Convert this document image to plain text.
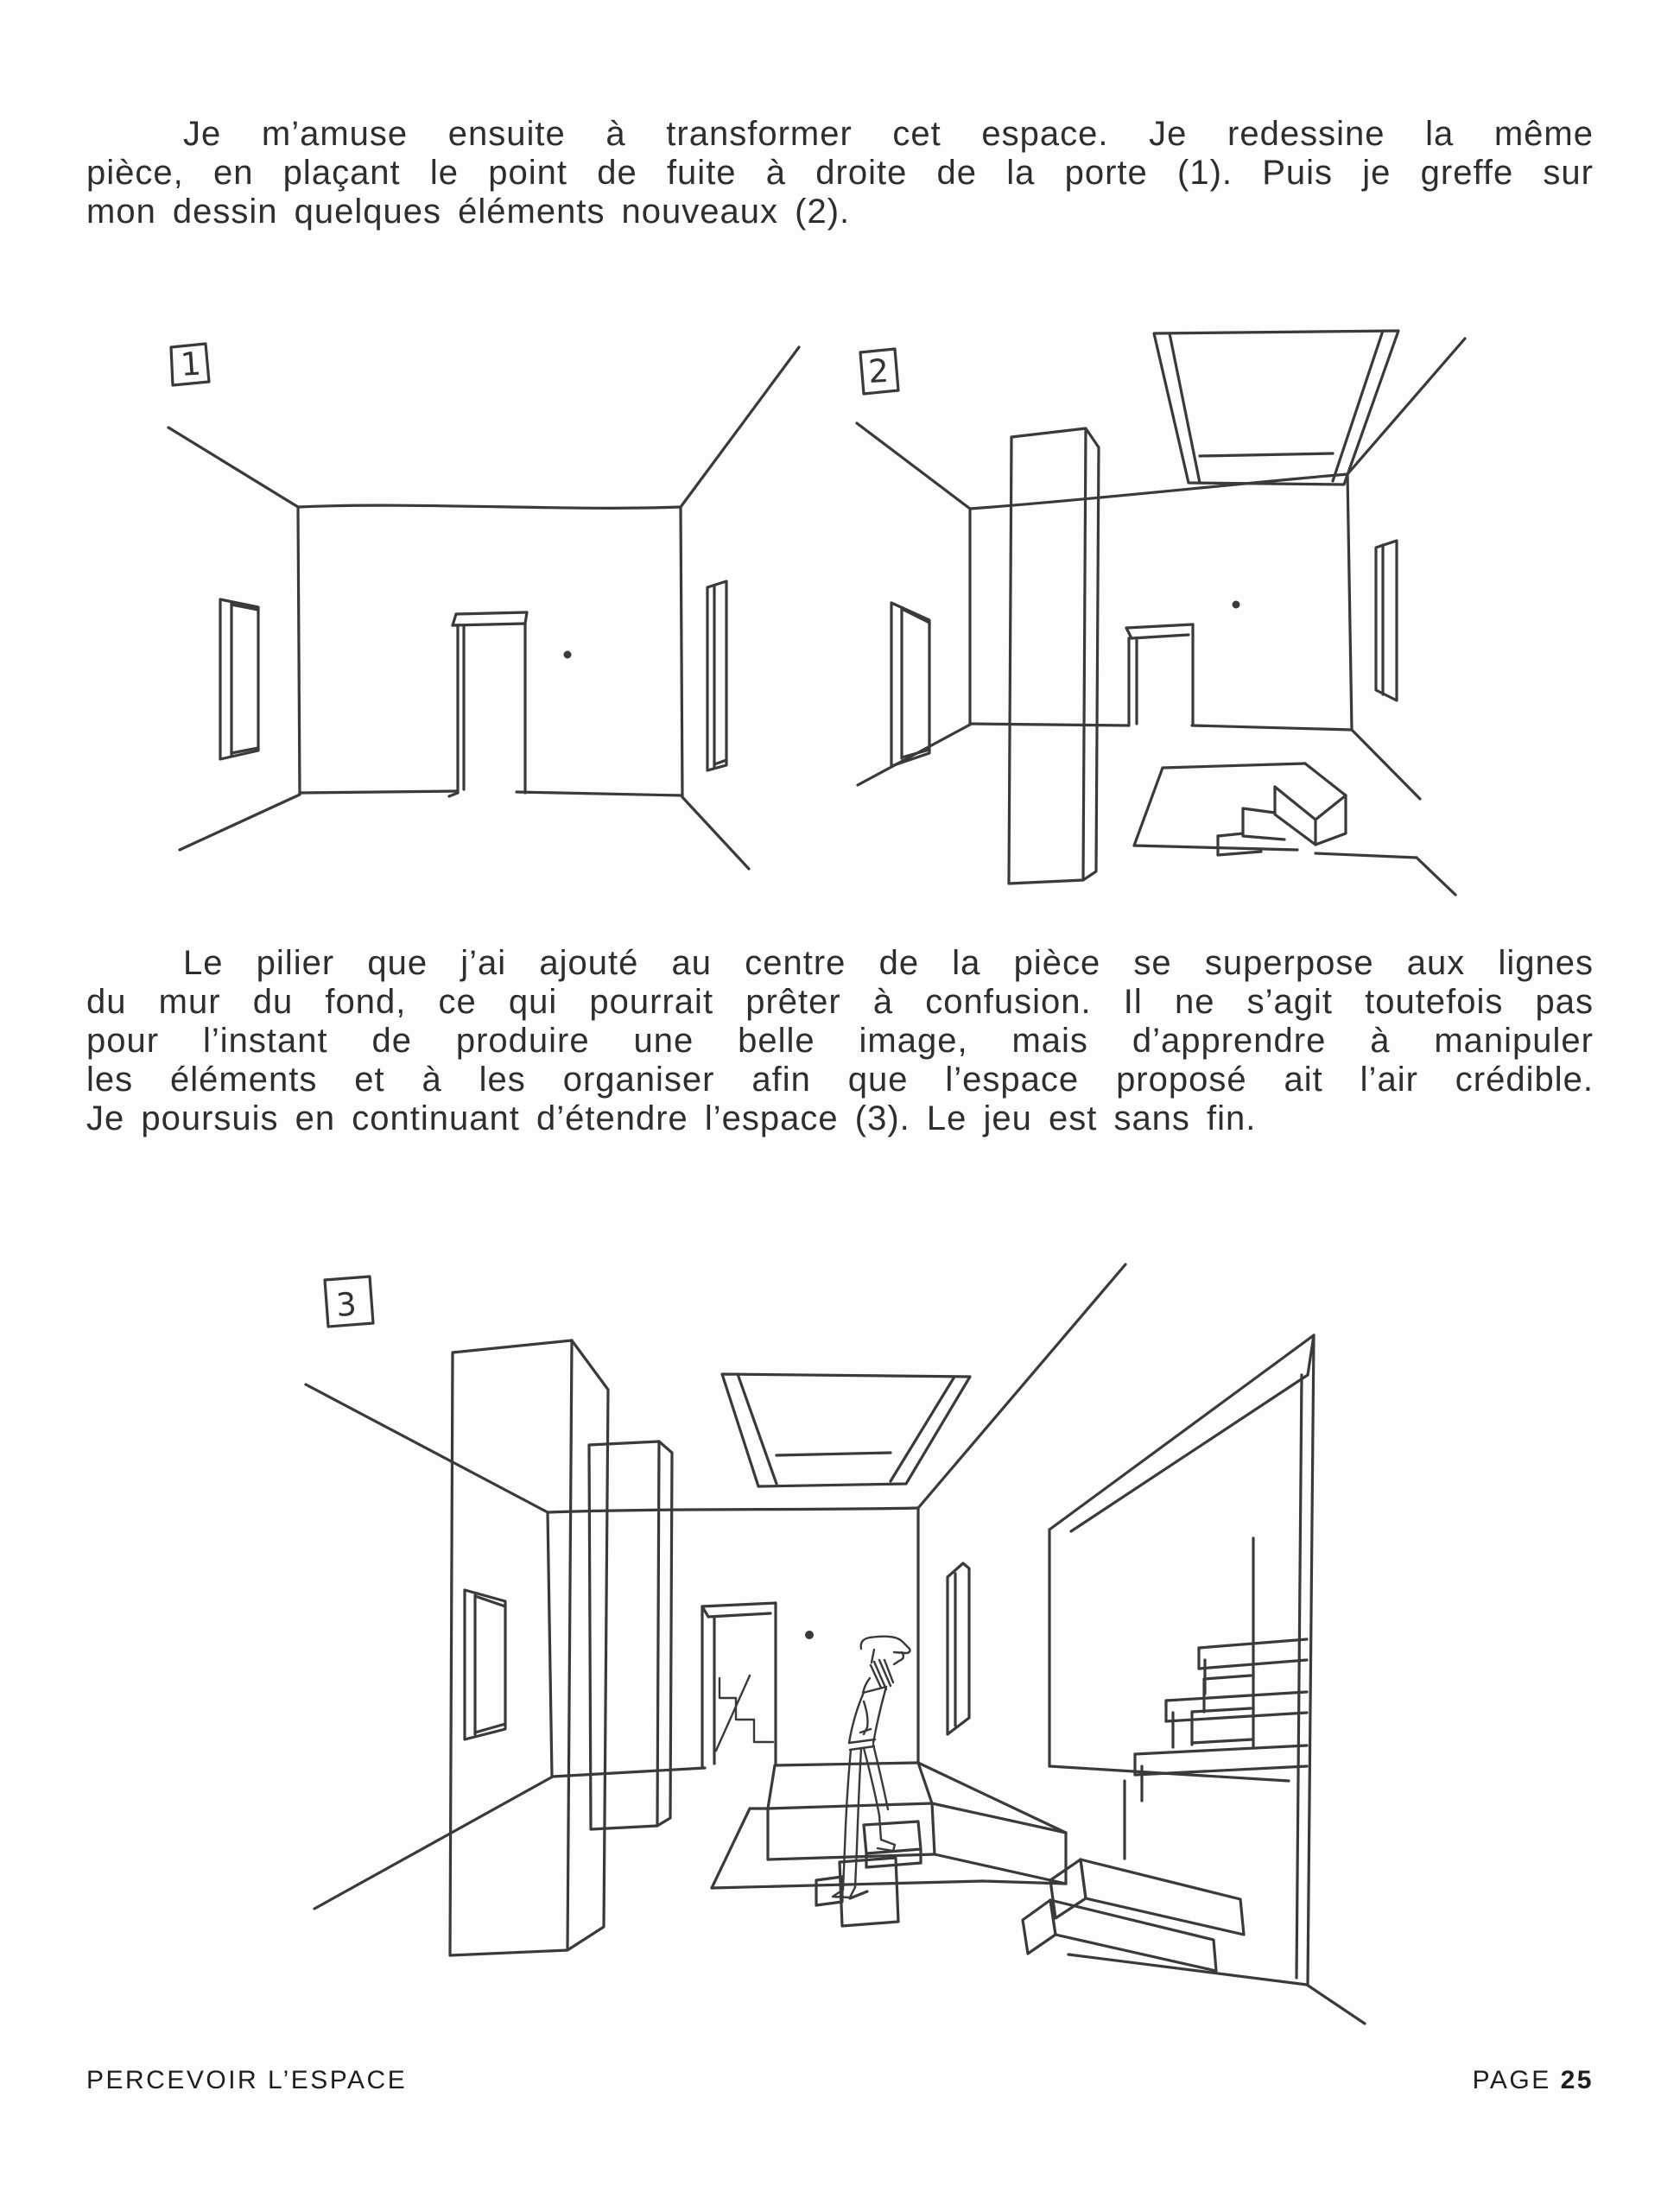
Je m’amuse ensuite à transformer cet espace. Je redessine la même
pièce, en plaçant le point de fuite à droite de la porte (1). Puis je greffe sur
mon dessin quelques éléments nouveaux (2).
1	2
Le pilier que j’ai ajouté au centre de la pièce se superpose aux lignes
du mur du fond, ce qui pourrait prêter à confusion. Il ne s’agit toutefois pas
pour l’instant de produire une belle image, mais d’apprendre à manipuler
les éléments et à les organiser afin que l’espace proposé ait l’air crédible.
Je poursuis en continuant d’étendre l’espace (3). Le jeu est sans fin.
3
PERCEVOIR L’ESPACE	PAGE 25
